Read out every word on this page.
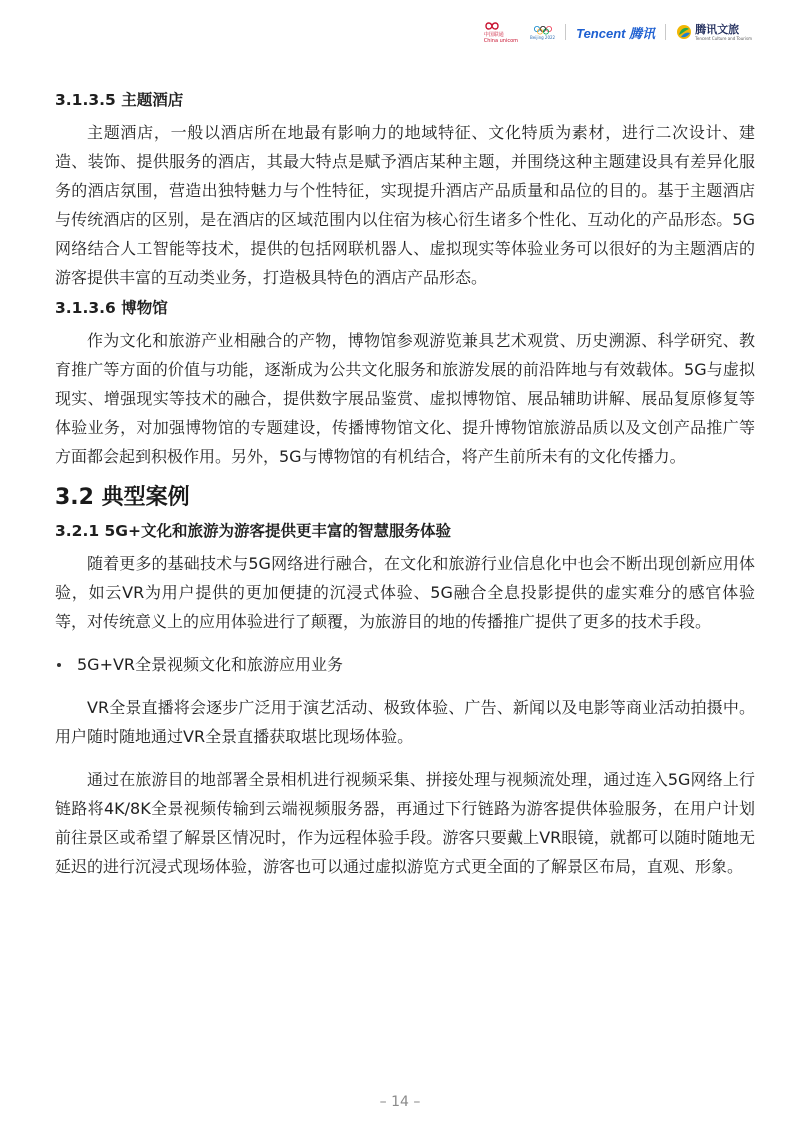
中国联通
China unicom
Beijing 2022 Tencent 腾讯	腾讯文旅
Tencent Culture and Tourism
3.1.3.5 主题酒店

主题酒店，一般以酒店所在地最有影响力的地域特征、文化特质为素材，进行二次设计、建造、装饰、提供服务的酒店，其最大特点是赋予酒店某种主题，并围绕这种主题建设具有差异化服务的酒店氛围，营造出独特魅力与个性特征，实现提升酒店产品质量和品位的目的。基于主题酒店与传统酒店的区别，是在酒店的区域范围内以住宿为核心衍生诸多个性化、互动化的产品形态。5G网络结合人工智能等技术，提供的包括网联机器人、虚拟现实等体验业务可以很好的为主题酒店的游客提供丰富的互动类业务，打造极具特色的酒店产品形态。

3.1.3.6 博物馆

作为文化和旅游产业相融合的产物，博物馆参观游览兼具艺术观赏、历史溯源、科学研究、教育推广等方面的价值与功能，逐渐成为公共文化服务和旅游发展的前沿阵地与有效载体。5G与虚拟现实、增强现实等技术的融合，提供数字展品鉴赏、虚拟博物馆、展品辅助讲解、展品复原修复等体验业务，对加强博物馆的专题建设，传播博物馆文化、提升博物馆旅游品质以及文创产品推广等方面都会起到积极作用。另外，5G与博物馆的有机结合，将产生前所未有的文化传播力。

3.2 典型案例
3.2.1 5G+文化和旅游为游客提供更丰富的智慧服务体验

随着更多的基础技术与5G网络进行融合，在文化和旅游行业信息化中也会不断出现创新应用体验，如云VR为用户提供的更加便捷的沉浸式体验、5G融合全息投影提供的虚实难分的感官体验等，对传统意义上的应用体验进行了颠覆，为旅游目的地的传播推广提供了更多的技术手段。

5G+VR全景视频文化和旅游应用业务

VR全景直播将会逐步广泛用于演艺活动、极致体验、广告、新闻以及电影等商业活动拍摄中。用户随时随地通过VR全景直播获取堪比现场体验。

通过在旅游目的地部署全景相机进行视频采集、拼接处理与视频流处理，通过连入5G网络上行链路将4K/8K全景视频传输到云端视频服务器，再通过下行链路为游客提供体验服务，在用户计划前往景区或希望了解景区情况时，作为远程体验手段。游客只要戴上VR眼镜，就都可以随时随地无延迟的进行沉浸式现场体验，游客也可以通过虚拟游览方式更全面的了解景区布局，直观、形象。

– 14 –
